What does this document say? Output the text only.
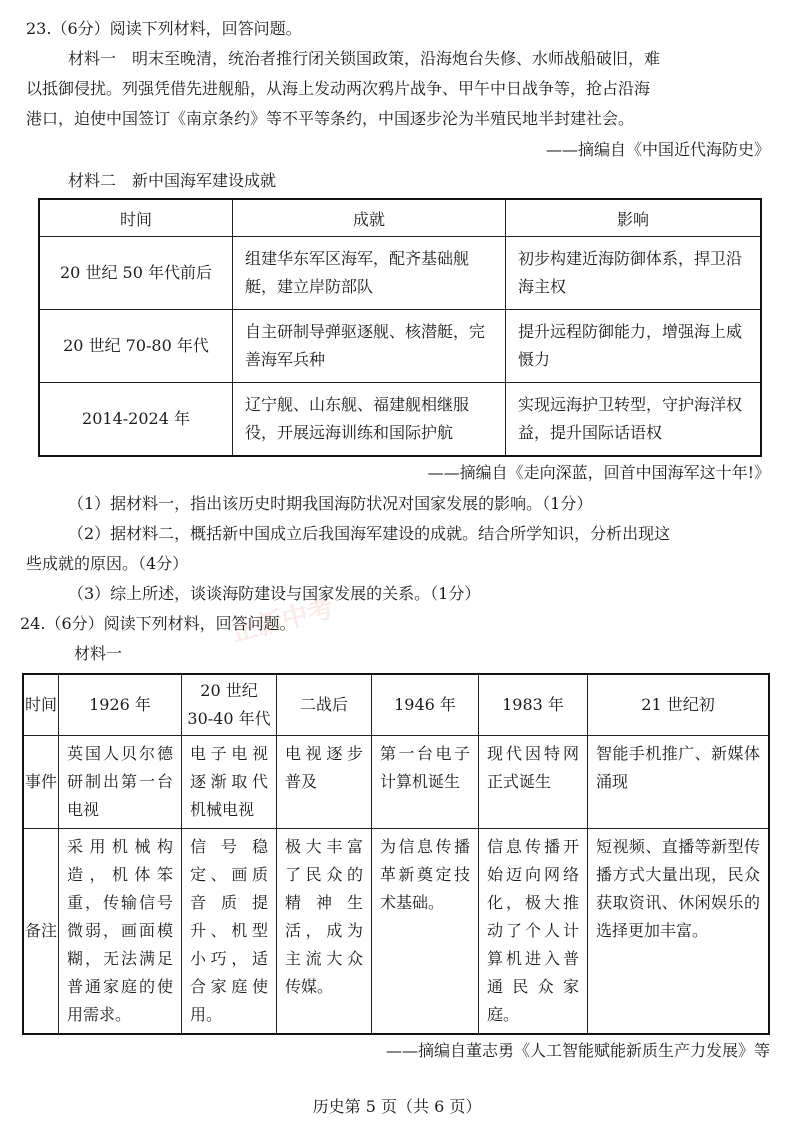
正新中考

23.（6分）阅读下列材料，回答问题。

材料一　明末至晚清，统治者推行闭关锁国政策，沿海炮台失修、水师战船破旧，难

以抵御侵扰。列强凭借先进舰船，从海上发动两次鸦片战争、甲午中日战争等，抢占沿海

港口，迫使中国签订《南京条约》等不平等条约，中国逐步沦为半殖民地半封建社会。

——摘编自《中国近代海防史》

材料二　新中国海军建设成就

时间	成就	影响
20 世纪 50 年代前后	组建华东军区海军，配齐基础舰艇，建立岸防部队	初步构建近海防御体系，捍卫沿海主权
20 世纪 70-80 年代	自主研制导弹驱逐舰、核潜艇，完善海军兵种	提升远程防御能力，增强海上威慑力
2014-2024 年	辽宁舰、山东舰、福建舰相继服役，开展远海训练和国际护航	实现远海护卫转型，守护海洋权益，提升国际话语权

——摘编自《走向深蓝，回首中国海军这十年!》

（1）据材料一，指出该历史时期我国海防状况对国家发展的影响。（1分）

（2）据材料二，概括新中国成立后我国海军建设的成就。结合所学知识，分析出现这

些成就的原因。（4分）

（3）综上所述，谈谈海防建设与国家发展的关系。（1分）

24.（6分）阅读下列材料，回答问题。

材料一

时间	1926 年	20 世纪 30-40 年代	二战后	1946 年	1983 年	21 世纪初
事件	英国人贝尔德研制出第一台电视	电子电视逐渐取代机械电视	电视逐步普及	第一台电子计算机诞生	现代因特网正式诞生	智能手机推广、新媒体涌现
备注	采用机械构造，机体笨重，传输信号微弱，画面模糊，无法满足普通家庭的使用需求。	信号稳定、画质音质提升、机型小巧，适合家庭使用。	极大丰富了民众的精神生活，成为主流大众传媒。	为信息传播革新奠定技术基础。	信息传播开始迈向网络化，极大推动了个人计算机进入普通民众家庭。	短视频、直播等新型传播方式大量出现，民众获取资讯、休闲娱乐的选择更加丰富。

——摘编自董志勇《人工智能赋能新质生产力发展》等

历史第 5 页（共 6 页）
